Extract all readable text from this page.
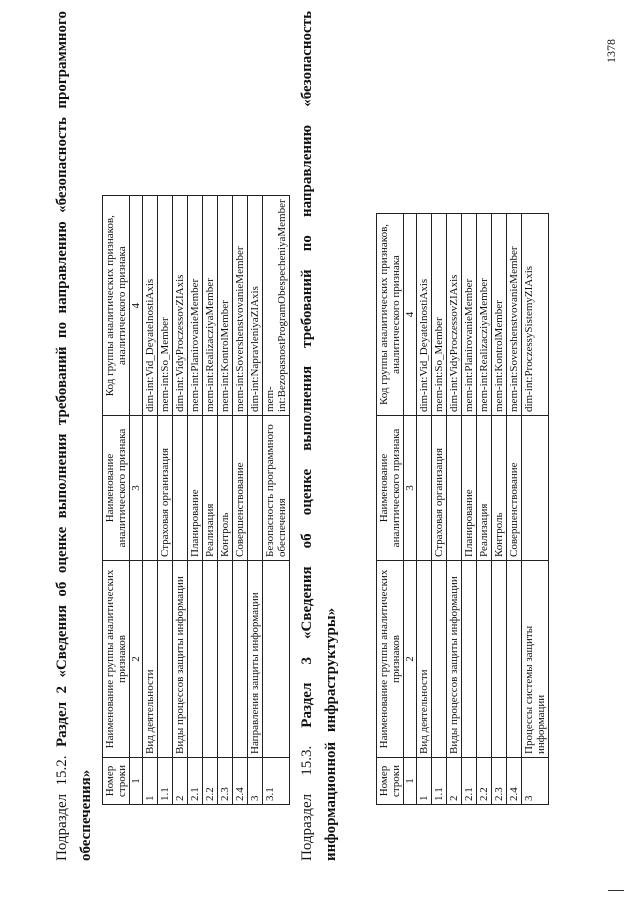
1378
Подраздел 15.2. Раздел 2 «Сведения об оценке выполнения требований по направлению «безопасность программного обеспечения» Номер строки	Наименование группы аналитических признаков	Наименование аналитического признака	Код группы аналитических признаков, аналитического признака
1	2	3	4
1	Вид деятельности		dim-int:Vid_DeyatelnostiAxis
1.1		Страховая организация	mem-int:So_Member
2	Виды процессов защиты информации		dim-int:VidyProczessovZIAxis
2.1		Планирование	mem-int:PlanirovanieMember
2.2		Реализация	mem-int:RealizacziyaMember
2.3		Контроль	mem-int:KontrolMember
2.4		Совершенствование	mem-int:SovershenstvovanieMember
3	Направления защиты информации		dim-int:NapravleniyaZIAxis
3.1		Безопасность программного обеспечения	mem-int:BezopasnostProgramObespecheniyaMember
Подраздел 15.3. Раздел 3 «Сведения об оценке выполнения требований по направлению «безопасность информационной инфраструктуры»	Номер строки	Наименование группы аналитических признаков	Наименование аналитического признака	Код группы аналитических признаков, аналитического признака
1	2	3	4
1	Вид деятельности		dim-int:Vid_DeyatelnostiAxis
1.1		Страховая организация	mem-int:So_Member
2	Виды процессов защиты информации		dim-int:VidyProczessovZIAxis
2.1		Планирование	mem-int:PlanirovanieMember
2.2		Реализация	mem-int:RealizacziyaMember
2.3		Контроль	mem-int:KontrolMember
2.4		Совершенствование	mem-int:SovershenstvovanieMember
3	Процессы системы защиты информации		dim-int:ProczessySistemyZIAxis
